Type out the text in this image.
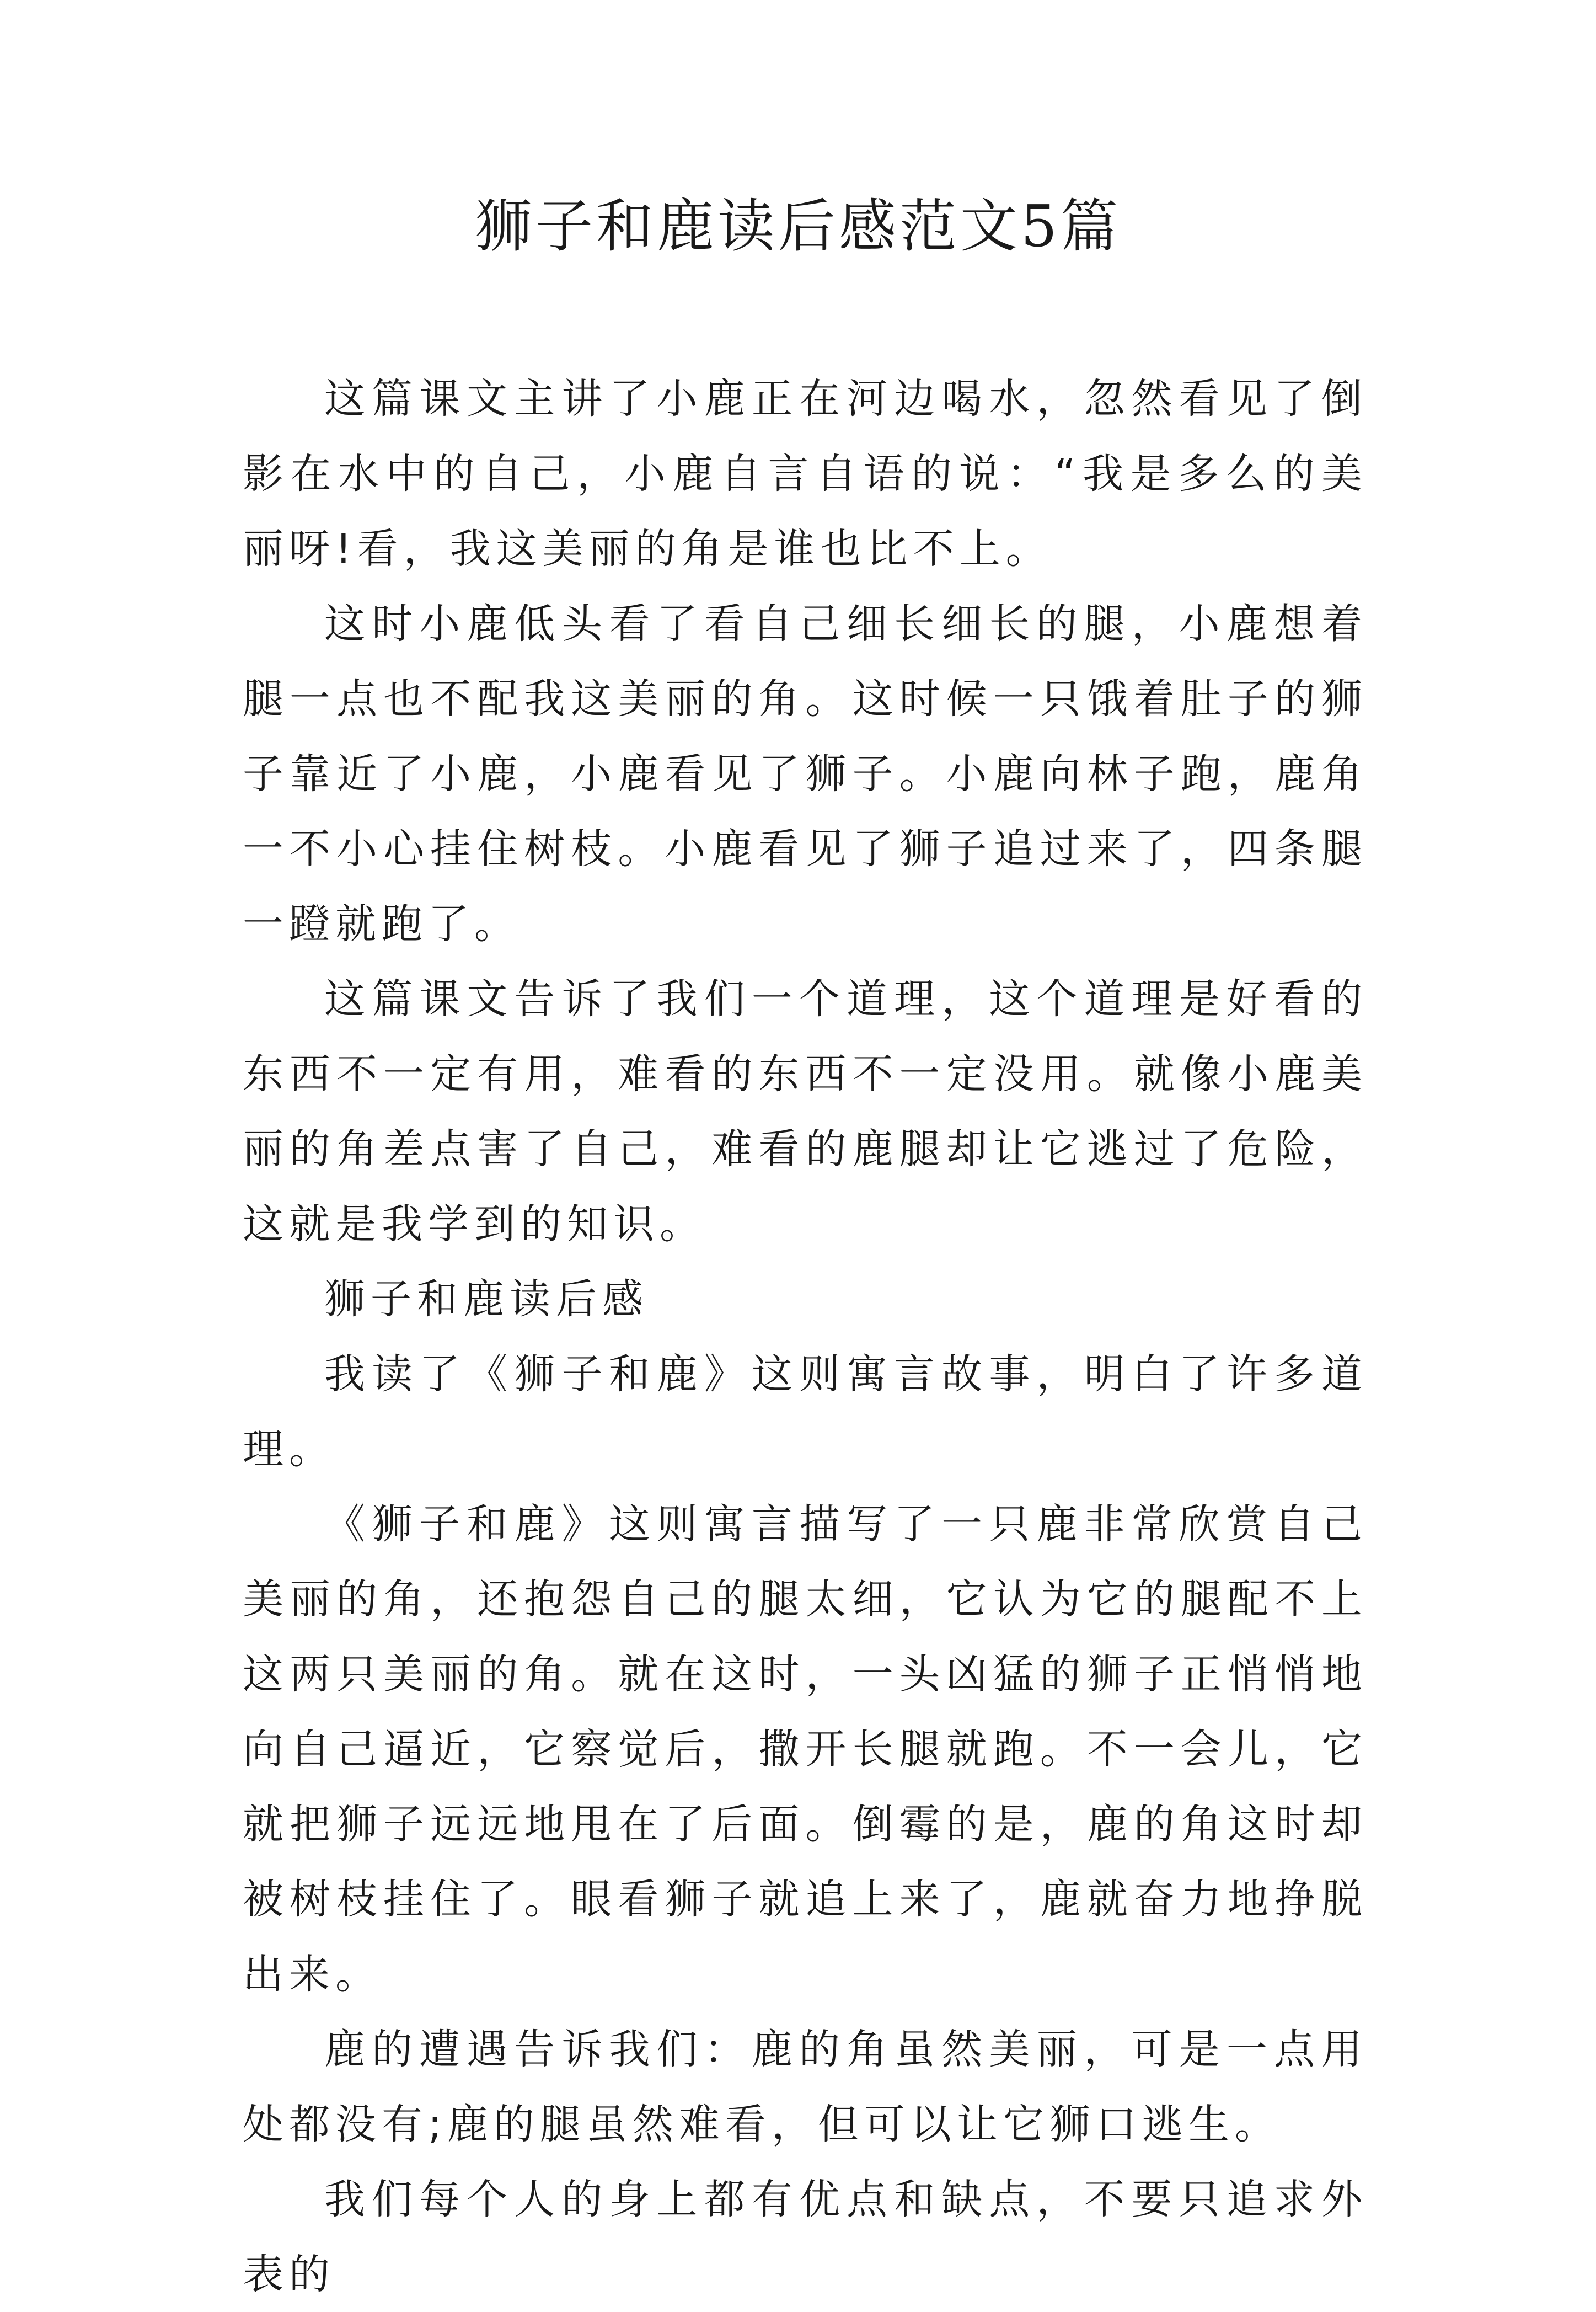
狮子和鹿读后感范文5篇

这篇课文主讲了小鹿正在河边喝水，忽然看见了倒影在水中的自己，小鹿自言自语的说：“我是多么的美丽呀!看，我这美丽的角是谁也比不上。

这时小鹿低头看了看自己细长细长的腿，小鹿想着腿一点也不配我这美丽的角。这时候一只饿着肚子的狮子靠近了小鹿，小鹿看见了狮子。小鹿向林子跑，鹿角一不小心挂住树枝。小鹿看见了狮子追过来了，四条腿一蹬就跑了。

这篇课文告诉了我们一个道理，这个道理是好看的东西不一定有用，难看的东西不一定没用。就像小鹿美丽的角差点害了自己，难看的鹿腿却让它逃过了危险，这就是我学到的知识。

狮子和鹿读后感

我读了《狮子和鹿》这则寓言故事，明白了许多道理。

《狮子和鹿》这则寓言描写了一只鹿非常欣赏自己美丽的角，还抱怨自己的腿太细，它认为它的腿配不上这两只美丽的角。就在这时，一头凶猛的狮子正悄悄地向自己逼近，它察觉后，撒开长腿就跑。不一会儿，它就把狮子远远地甩在了后面。倒霉的是，鹿的角这时却被树枝挂住了。眼看狮子就追上来了，鹿就奋力地挣脱出来。

鹿的遭遇告诉我们：鹿的角虽然美丽，可是一点用处都没有;鹿的腿虽然难看，但可以让它狮口逃生。

我们每个人的身上都有优点和缺点，不要只追求外表的
